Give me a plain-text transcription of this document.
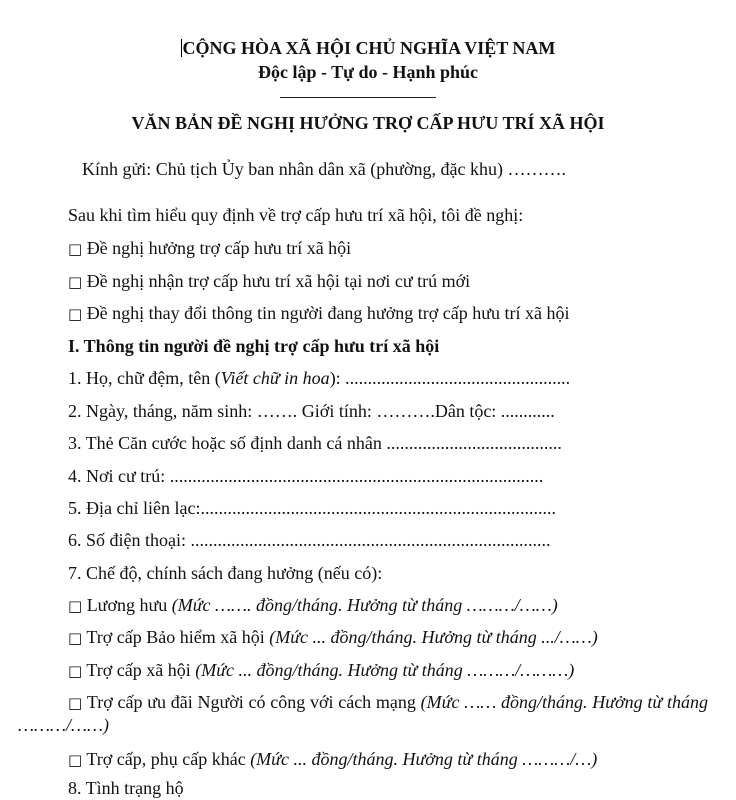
CỘNG HÒA XÃ HỘI CHỦ NGHĨA VIỆT NAM
Độc lập - Tự do - Hạnh phúc
VĂN BẢN ĐỀ NGHỊ HƯỞNG TRỢ CẤP HƯU TRÍ XÃ HỘI
Kính gửi: Chủ tịch Ủy ban nhân dân xã (phường, đặc khu) ……….
Sau khi tìm hiểu quy định về trợ cấp hưu trí xã hội, tôi đề nghị:
□ Đề nghị hưởng trợ cấp hưu trí xã hội
□ Đề nghị nhận trợ cấp hưu trí xã hội tại nơi cư trú mới
□ Đề nghị thay đổi thông tin người đang hưởng trợ cấp hưu trí xã hội
I. Thông tin người đề nghị trợ cấp hưu trí xã hội
1. Họ, chữ đệm, tên (Viết chữ in hoa): ..................................................
2. Ngày, tháng, năm sinh: ……. Giới tính: ……….Dân tộc: ............
3. Thẻ Căn cước hoặc số định danh cá nhân .......................................
4. Nơi cư trú: ...................................................................................
5. Địa chỉ liên lạc:...............................................................................
6. Số điện thoại: ................................................................................
7. Chế độ, chính sách đang hưởng (nếu có):
□ Lương hưu (Mức ……. đồng/tháng. Hưởng từ tháng ………/……)
□ Trợ cấp Bảo hiểm xã hội (Mức ... đồng/tháng. Hưởng từ tháng .../……)
□ Trợ cấp xã hội (Mức ... đồng/tháng. Hưởng từ tháng ………/………)
□ Trợ cấp ưu đãi Người có công với cách mạng (Mức …… đồng/tháng. Hưởng từ tháng ………/……)
□ Trợ cấp, phụ cấp khác (Mức ... đồng/tháng. Hưởng từ tháng ………/…)
8. Tình trạng hộ
